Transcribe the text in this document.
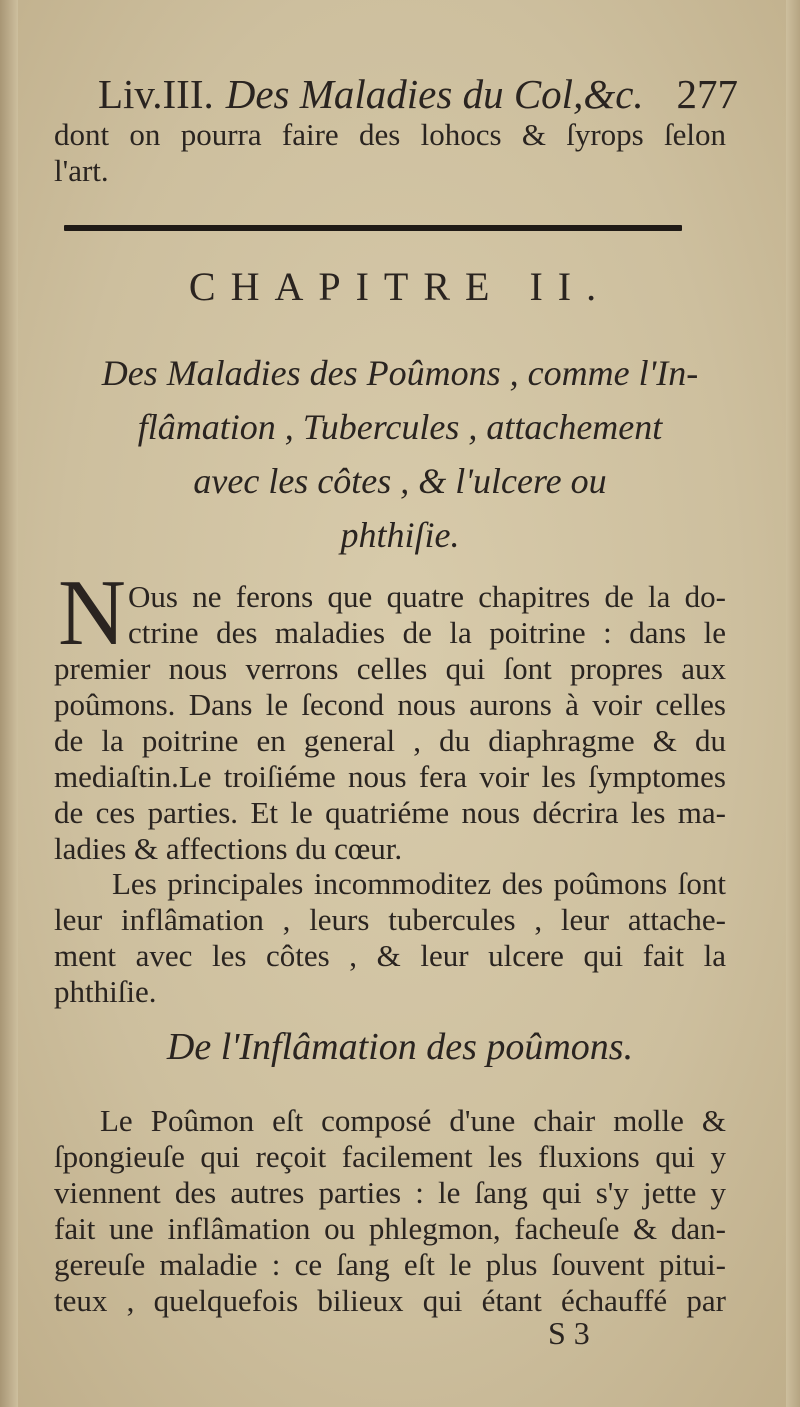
Liv.III. Des Maladies du Col,&c. 277
dont on pourra faire des lohocs & ſyrops ſelon
l'art.
CHAPITRE II.
Des Maladies des Poûmons , comme l'In-
flâmation , Tubercules , attachement
avec les côtes , & l'ulcere ou
phthiſie.
N Ous ne ferons que quatre chapitres de la do-
ctrine des maladies de la poitrine : dans le
premier nous verrons celles qui ſont propres aux
poûmons. Dans le ſecond nous aurons à voir celles
de la poitrine en general , du diaphragme & du
mediaſtin.Le troiſiéme nous fera voir les ſymptomes
de ces parties. Et le quatriéme nous décrira les ma-
ladies & affections du cœur.
Les principales incommoditez des poûmons ſont
leur inflâmation , leurs tubercules , leur attache-
ment avec les côtes , & leur ulcere qui fait la
phthiſie.
De l'Inflâmation des poûmons.
Le Poûmon eſt composé d'une chair molle &
ſpongieuſe qui reçoit facilement les fluxions qui y
viennent des autres parties : le ſang qui s'y jette y
fait une inflâmation ou phlegmon, facheuſe & dan-
gereuſe maladie : ce ſang eſt le plus ſouvent pitui-
teux , quelquefois bilieux qui étant échauffé par
S 3
